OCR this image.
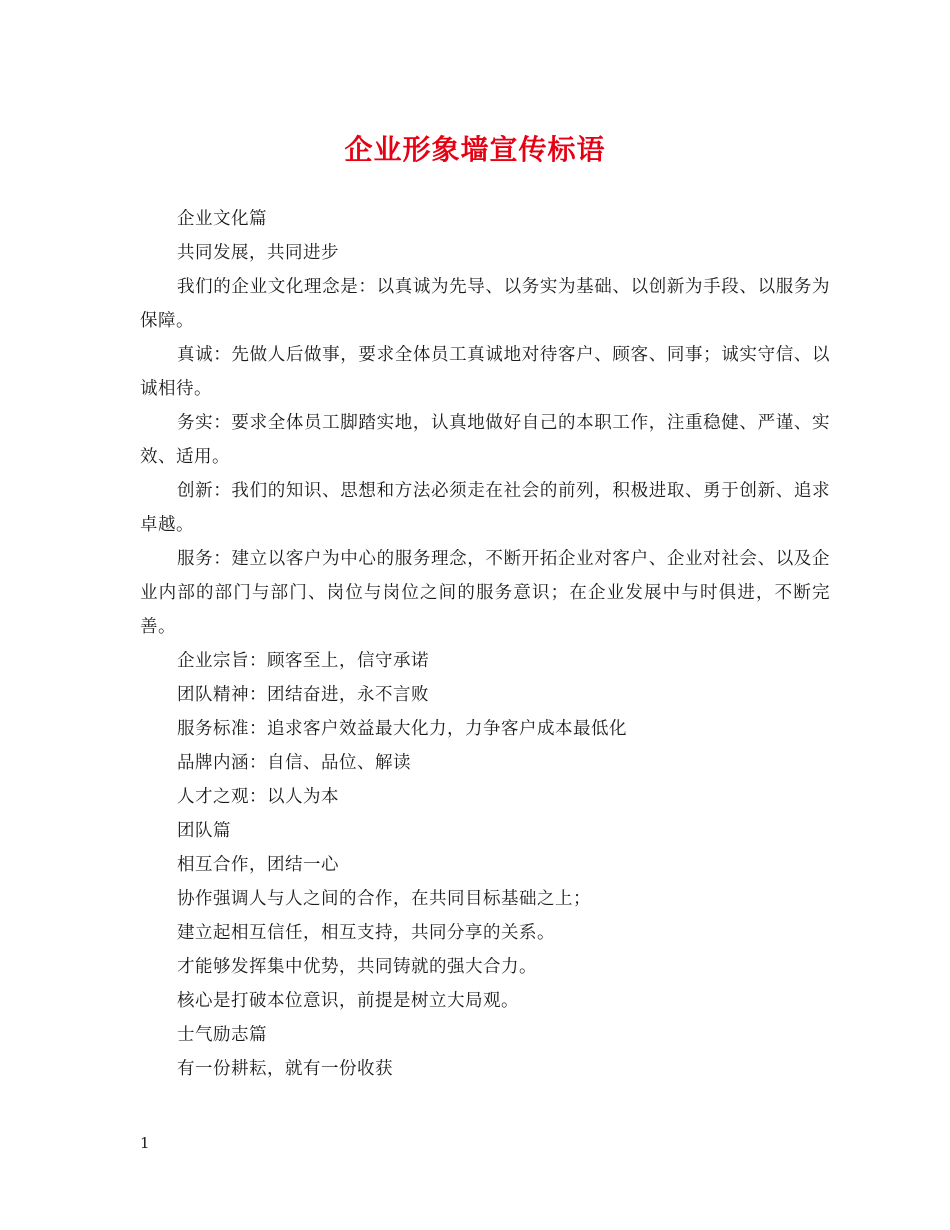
企业形象墙宣传标语

企业文化篇

共同发展，共同进步

我们的企业文化理念是：以真诚为先导、以务实为基础、以创新为手段、以服务为保障。

真诚：先做人后做事，要求全体员工真诚地对待客户、顾客、同事；诚实守信、以诚相待。

务实：要求全体员工脚踏实地，认真地做好自己的本职工作，注重稳健、严谨、实效、适用。

创新：我们的知识、思想和方法必须走在社会的前列，积极进取、勇于创新、追求卓越。

服务：建立以客户为中心的服务理念，不断开拓企业对客户、企业对社会、以及企业内部的部门与部门、岗位与岗位之间的服务意识；在企业发展中与时俱进，不断完善。

企业宗旨：顾客至上，信守承诺

团队精神：团结奋进，永不言败

服务标准：追求客户效益最大化力，力争客户成本最低化

品牌内涵：自信、品位、解读

人才之观：以人为本

团队篇

相互合作，团结一心

协作强调人与人之间的合作，在共同目标基础之上；

建立起相互信任，相互支持，共同分享的关系。

才能够发挥集中优势，共同铸就的强大合力。

核心是打破本位意识，前提是树立大局观。

士气励志篇

有一份耕耘，就有一份收获

1
